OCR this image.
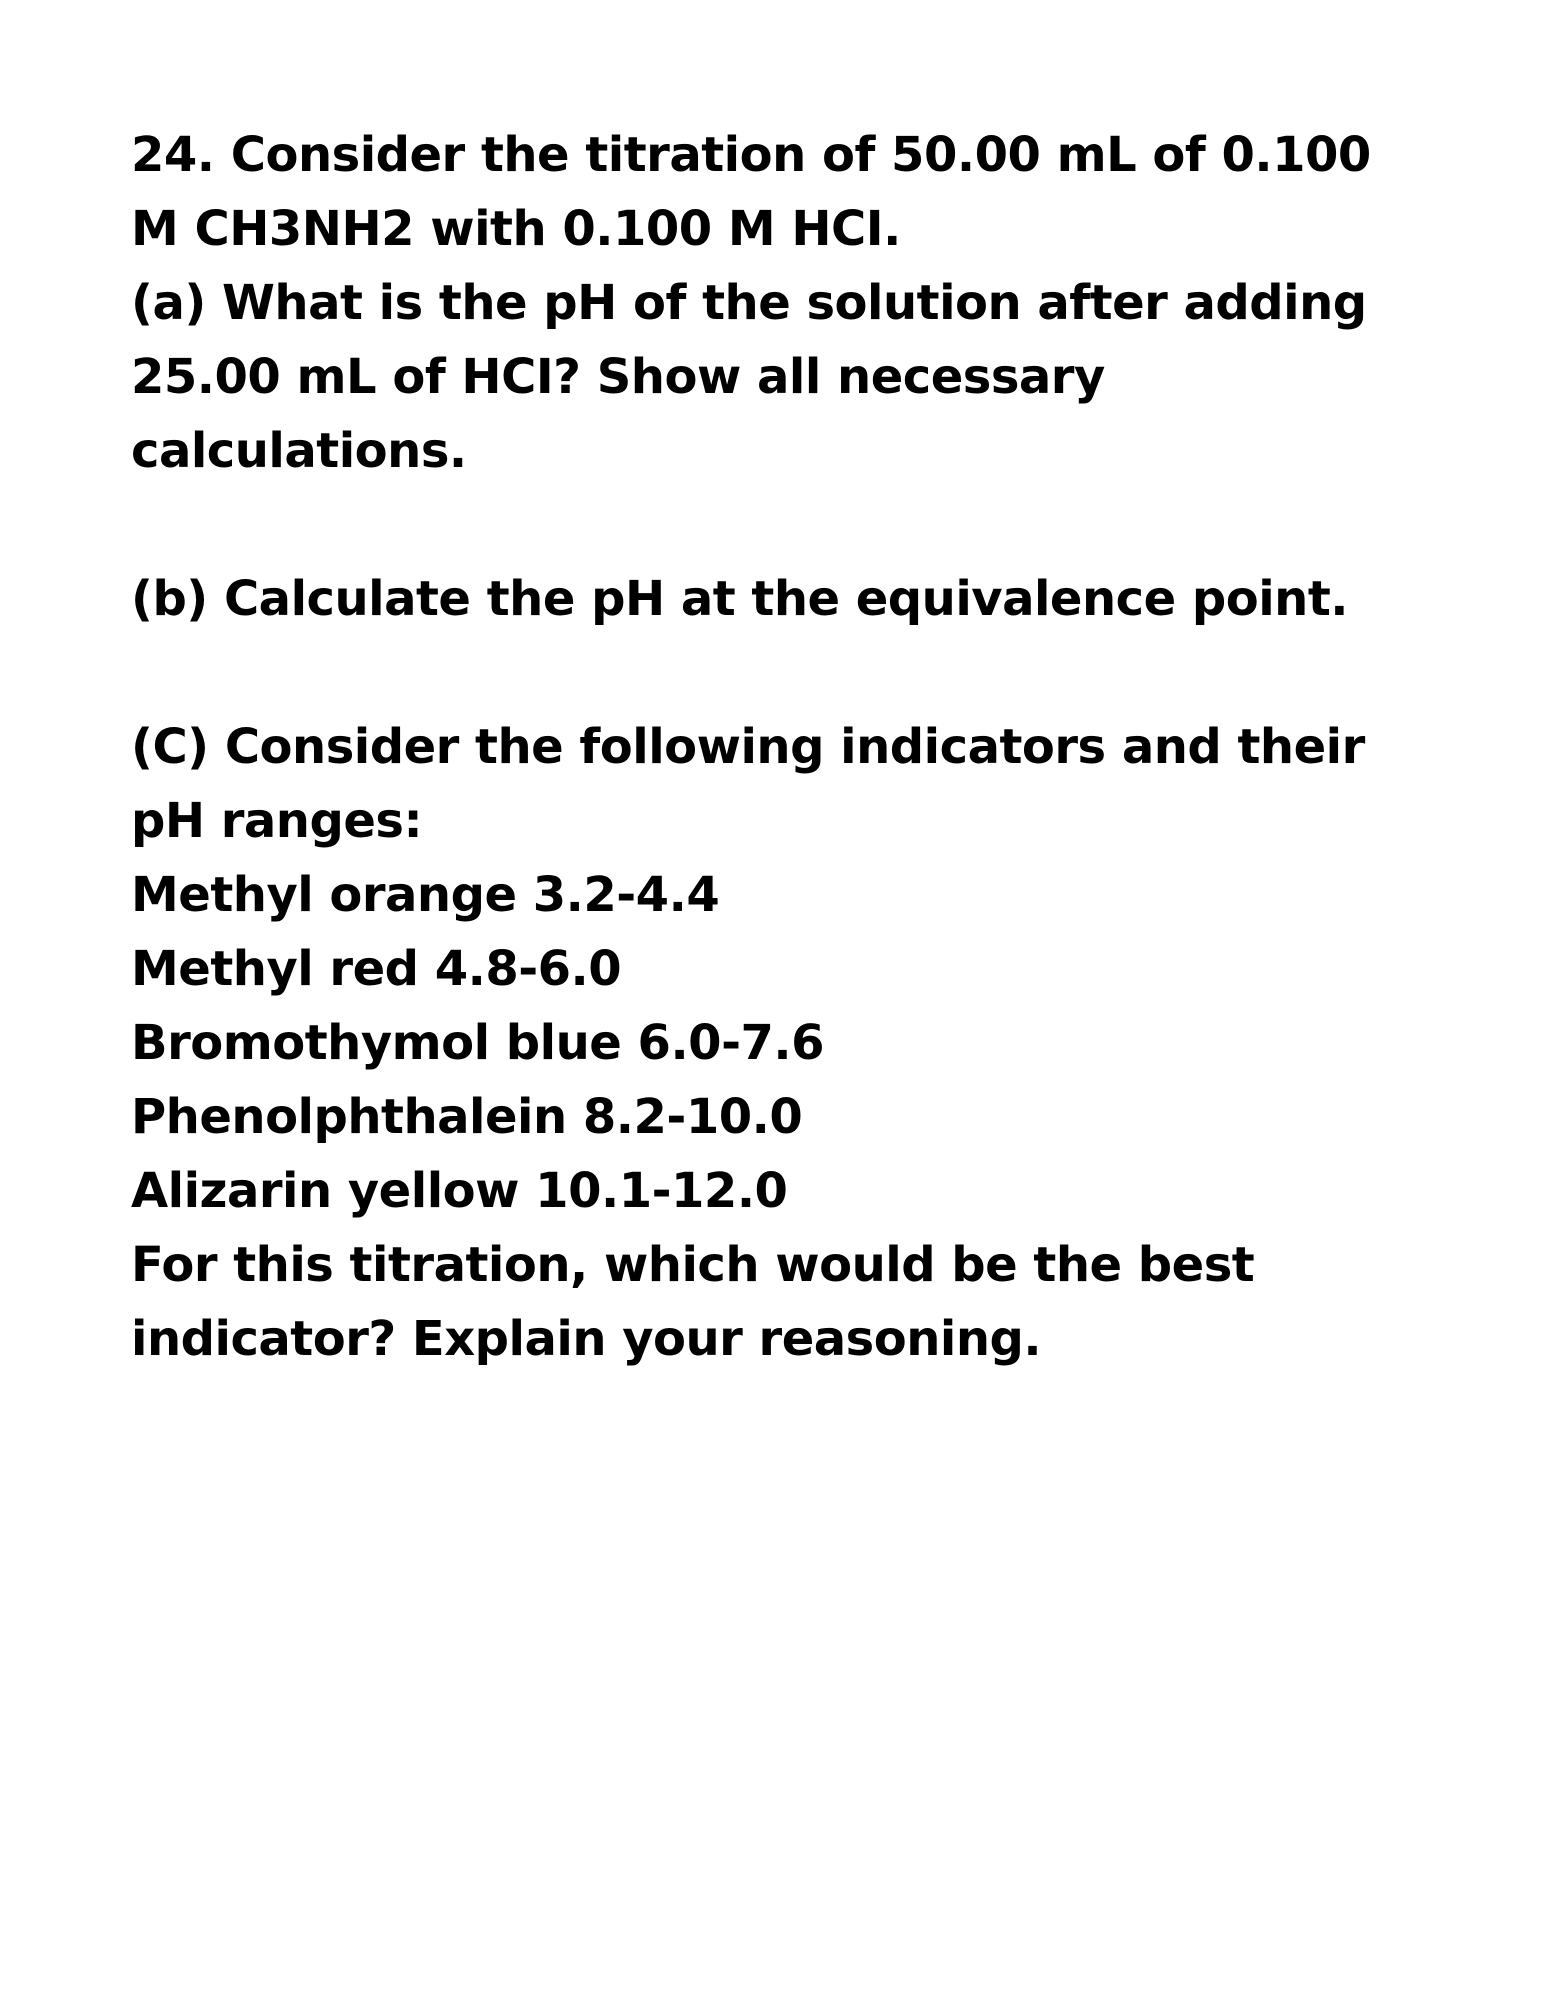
24. Consider the titration of 50.00 mL of 0.100
M CH3NH2 with 0.100 M HCI.
(a) What is the pH of the solution after adding
25.00 mL of HCI? Show all necessary
calculations.
(b) Calculate the pH at the equivalence point.
(C) Consider the following indicators and their
pH ranges:
Methyl orange 3.2-4.4
Methyl red 4.8-6.0
Bromothymol blue 6.0-7.6
Phenolphthalein 8.2-10.0
Alizarin yellow 10.1-12.0
For this titration, which would be the best
indicator? Explain your reasoning.
